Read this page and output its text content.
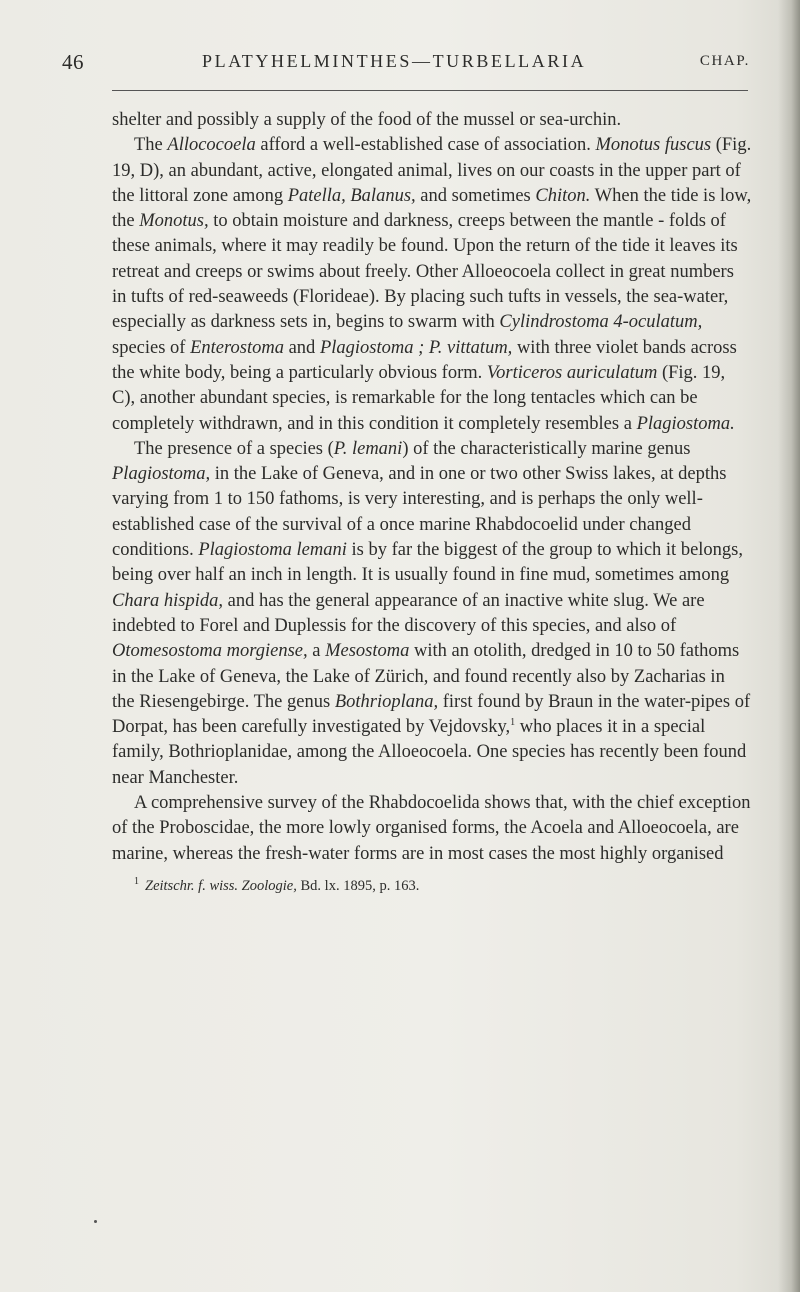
46	PLATYHELMINTHES—TURBELLARIA	CHAP.

shelter and possibly a supply of the food of the mussel or sea-urchin.

The Allococoela afford a well-established case of association. Monotus fuscus (Fig. 19, D), an abundant, active, elongated animal, lives on our coasts in the upper part of the littoral zone among Patella, Balanus, and sometimes Chiton. When the tide is low, the Monotus, to obtain moisture and darkness, creeps between the mantle - folds of these animals, where it may readily be found. Upon the return of the tide it leaves its retreat and creeps or swims about freely. Other Alloeocoela collect in great numbers in tufts of red-seaweeds (Florideae). By placing such tufts in vessels, the sea-water, especially as darkness sets in, begins to swarm with Cylindrostoma 4-oculatum, species of Enterostoma and Plagiostoma ; P. vittatum, with three violet bands across the white body, being a particularly obvious form. Vorticeros auriculatum (Fig. 19, C), another abundant species, is remarkable for the long tentacles which can be completely withdrawn, and in this condition it completely resembles a Plagiostoma.

The presence of a species (P. lemani) of the characteristically marine genus Plagiostoma, in the Lake of Geneva, and in one or two other Swiss lakes, at depths varying from 1 to 150 fathoms, is very interesting, and is perhaps the only well-established case of the survival of a once marine Rhabdocoelid under changed conditions. Plagiostoma lemani is by far the biggest of the group to which it belongs, being over half an inch in length. It is usually found in fine mud, sometimes among Chara hispida, and has the general appearance of an inactive white slug. We are indebted to Forel and Duplessis for the discovery of this species, and also of Otomesostoma morgiense, a Mesostoma with an otolith, dredged in 10 to 50 fathoms in the Lake of Geneva, the Lake of Zürich, and found recently also by Zacharias in the Riesengebirge. The genus Bothrioplana, first found by Braun in the water-pipes of Dorpat, has been carefully investigated by Vejdovsky,$^1$ who places it in a special family, Bothrioplanidae, among the Alloeocoela. One species has recently been found near Manchester.

A comprehensive survey of the Rhabdocoelida shows that, with the chief exception of the Proboscidae, the more lowly organised forms, the Acoela and Alloeocoela, are marine, whereas the fresh-water forms are in most cases the most highly organised

$^1$ Zeitschr. f. wiss. Zoologie, Bd. lx. 1895, p. 163.
